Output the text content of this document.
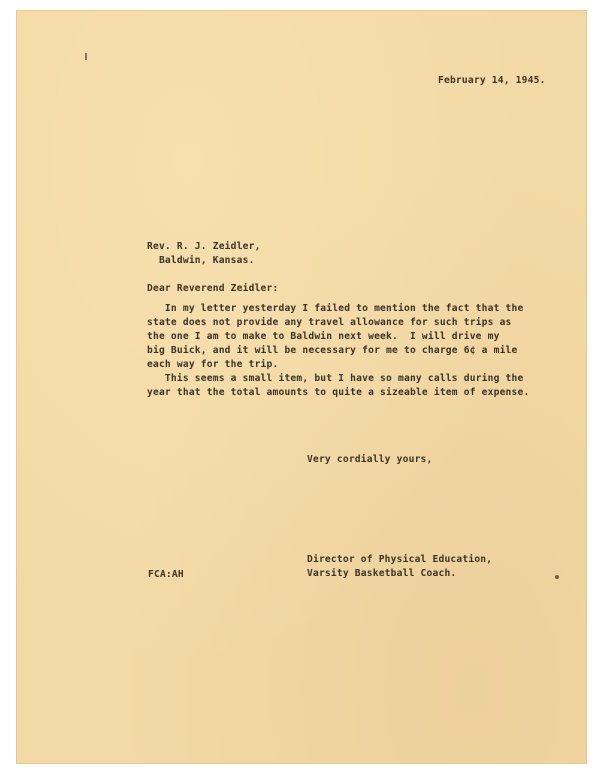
February 14, 1945.
Rev. R. J. Zeidler,
Baldwin, Kansas.
Dear Reverend Zeidler:
In my letter yesterday I failed to mention the fact that the
state does not provide any travel allowance for such trips as
the one I am to make to Baldwin next week.  I will drive my
big Buick, and it will be necessary for me to charge 6¢ a mile
each way for the trip.
This seems a small item, but I have so many calls during the
year that the total amounts to quite a sizeable item of expense.
Very cordially yours,
Director of Physical Education,
Varsity Basketball Coach.
FCA:AH
